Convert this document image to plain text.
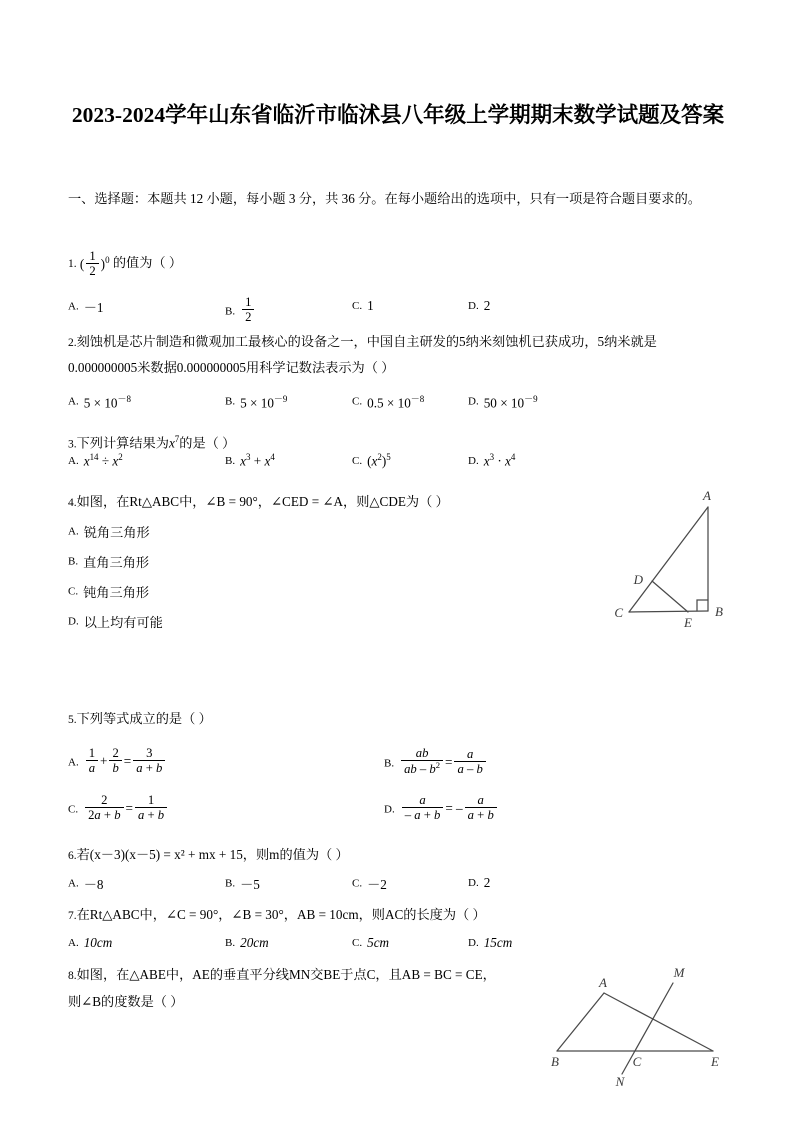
2023-2024学年山东省临沂市临沭县八年级上学期期末数学试题及答案
一、选择题：本题共 12 小题，每小题 3 分，共 36 分。在每小题给出的选项中，只有一项是符合题目要求的。
1. ( $\frac{1}{2} )^0$ 的值为（ ）
A. －1	B. $\frac{1}{2}$	C. 1	D. 2
2.刻蚀机是芯片制造和微观加工最核心的设备之一，中国自主研发的5纳米刻蚀机已获成功，5纳米就是
0.000000005米数据0.000000005用科学记数法表示为（ ）
A. $5 \times 10^{-8}$	B. $5 \times 10^{-9}$	C. $0.5 \times 10^{-8}$	D. $50 \times 10^{-9}$
3.下列计算结果为$x^7$的是（ ）
A. $x^{14} \div x^2$	B. $x^3 + x^4$	C. $(x^2)^5$	D. $x^3 \cdot x^4$
4.如图，在Rt△ABC中，∠B = 90°，∠CED = ∠A，则△CDE为（ ）
A. 锐角三角形
B. 直角三角形
C. 钝角三角形
D. 以上均有可能
A
B
C
D
E
5.下列等式成立的是（ ）
A. $\frac{1}{a} + \frac{2}{b} = \frac{3}{a + b}$	B. $\frac{ab}{ab - b^2} = \frac{a}{a - b}$
C. $\frac{2}{2a + b} = \frac{1}{a + b}$	D. $\frac{a}{- a + b}$ = – $\frac{a}{a + b}$
6.若(x－3)(x－5) = x² + mx + 15，则m的值为（ ）
A. －8	B. －5	C. －2	D. 2
7.在Rt△ABC中，∠C = 90°，∠B = 30°，AB = 10cm，则AC的长度为（ ）
A. 10cm	B. 20cm	C. 5cm	D. 15cm
8.如图，在△ABE中，AE的垂直平分线MN交BE于点C，且AB = BC = CE，
则∠B的度数是（ ）
A
B	C	E
M
N
